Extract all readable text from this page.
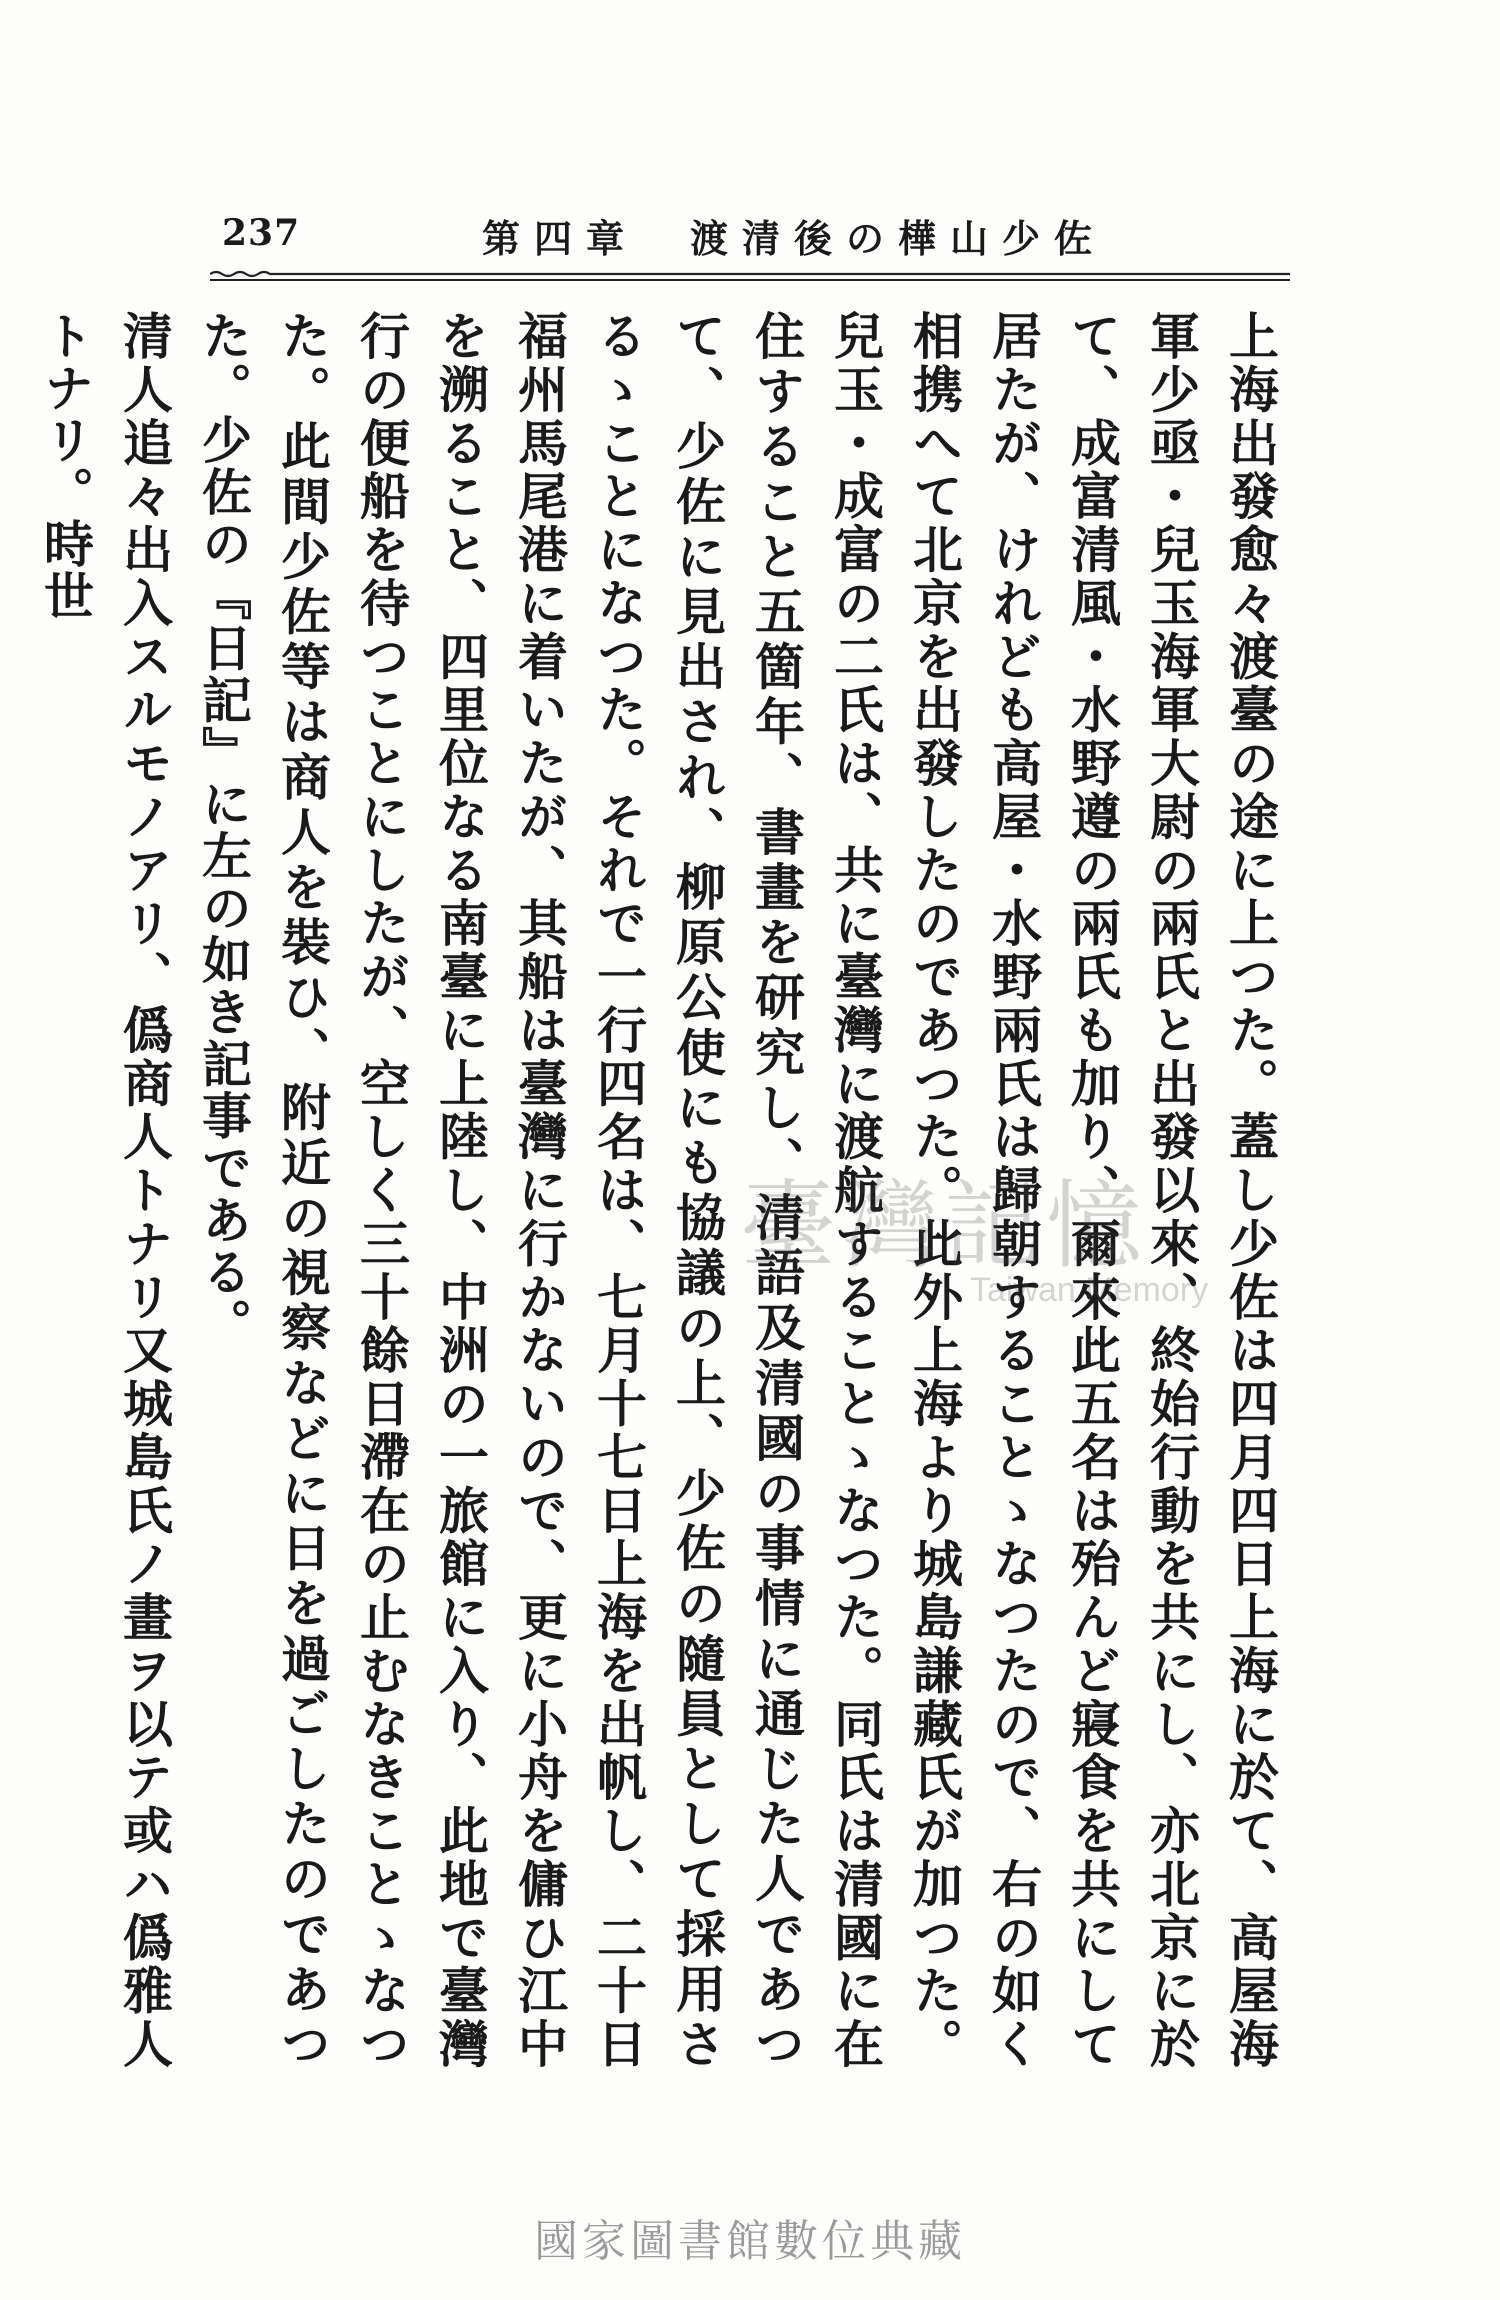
237	第四章　渡清後の樺山少佐

上海出發愈々渡臺の途に上つた。蓋し少佐は四月四日上海に於て、高屋海軍少亟・兒玉海軍大尉の兩氏と出發以來、終始行動を共にし、亦北京に於て、成富清風・水野遵の兩氏も加り、爾來此五名は殆んど寢食を共にして居たが、けれども高屋・水野兩氏は歸朝することゝなつたので、右の如く相携へて北京を出發したのであつた。此外上海より城島謙藏氏が加つた。兒玉・成富の二氏は、共に臺灣に渡航することゝなつた。同氏は清國に在住すること五箇年、書畫を研究し、清語及清國の事情に通じた人であつて、少佐に見出され、柳原公使にも協議の上、少佐の隨員として採用さるゝことになつた。それで一行四名は、七月十七日上海を出帆し、二十日福州馬尾港に着いたが、其船は臺灣に行かないので、更に小舟を傭ひ江中を溯ること、四里位なる南臺に上陸し、中洲の一旅館に入り、此地で臺灣行の便船を待つことにしたが、空しく三十餘日滯在の止むなきことゝなつた。此間少佐等は商人を裝ひ、附近の視察などに日を過ごしたのであつた。少佐の『日記』に左の如き記事である。

清人追々出入スルモノアリ、僞商人トナリ又城島氏ノ畫ヲ以テ或ハ僞雅人トナリ。時世

臺灣記憶
Taiwan Memory
國家圖書館數位典藏
